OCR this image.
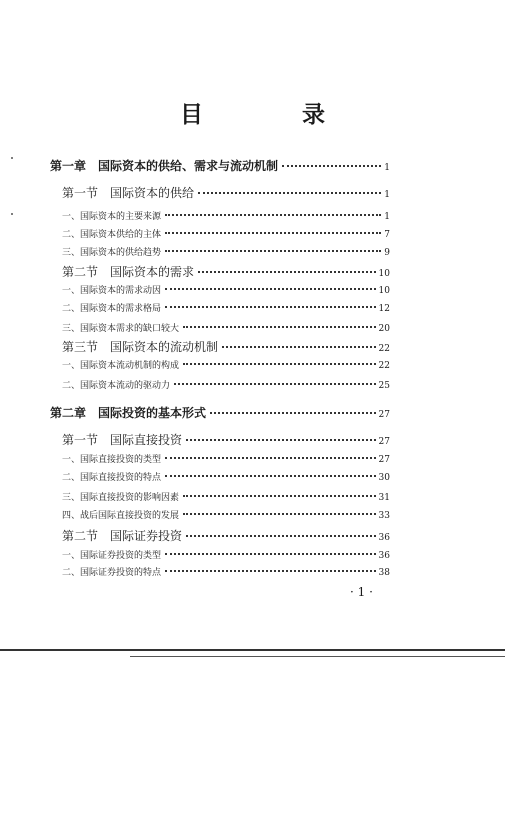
目　录
第一章　国际资本的供给、需求与流动机制	1
第一节　国际资本的供给	1
一、国际资本的主要来源	1
二、国际资本供给的主体	7
三、国际资本的供给趋势	9
第二节　国际资本的需求	10
一、国际资本的需求动因	10
二、国际资本的需求格局	12
三、国际资本需求的缺口较大	20
第三节　国际资本的流动机制	22
一、国际资本流动机制的构成	22
二、国际资本流动的驱动力	25
第二章　国际投资的基本形式	27
第一节　国际直接投资	27
一、国际直接投资的类型	27
二、国际直接投资的特点	30
三、国际直接投资的影响因素	31
四、战后国际直接投资的发展	33
第二节　国际证券投资	36
一、国际证券投资的类型	36
二、国际证券投资的特点	38
· 1 ·
